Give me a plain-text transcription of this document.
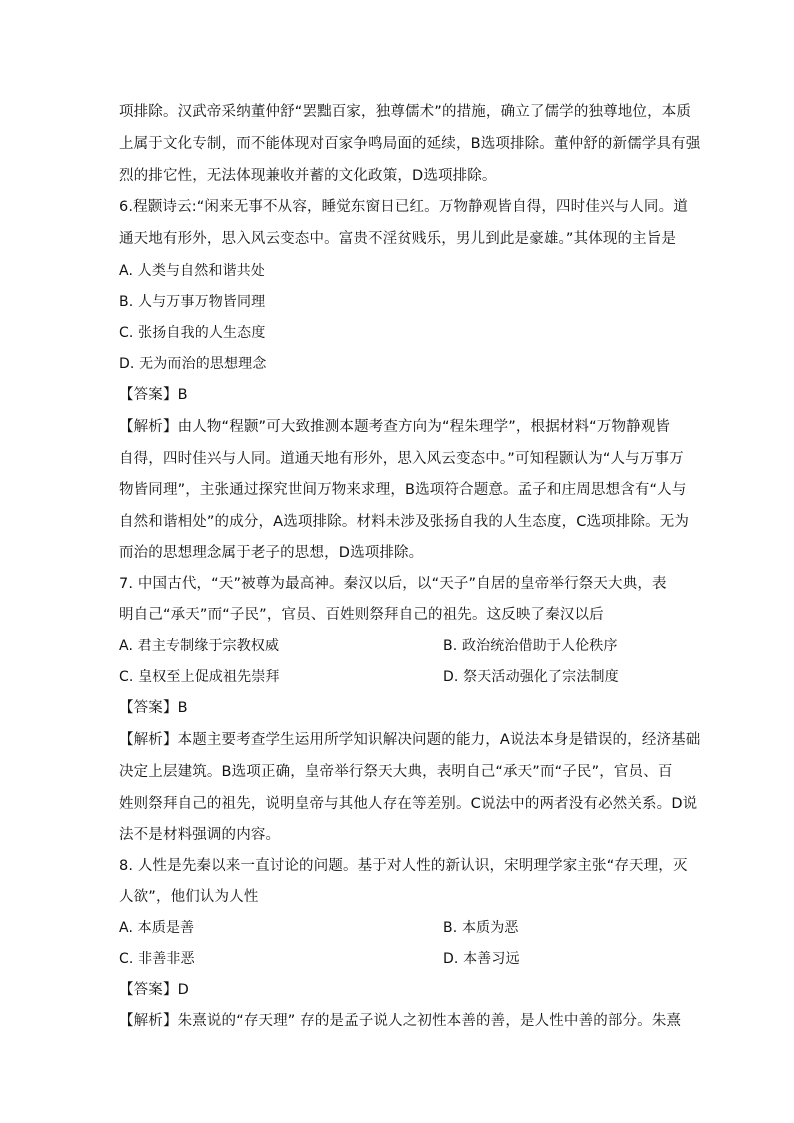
项排除。汉武帝采纳董仲舒“罢黜百家，独尊儒术”的措施，确立了儒学的独尊地位，本质
上属于文化专制，而不能体现对百家争鸣局面的延续，B选项排除。董仲舒的新儒学具有强
烈的排它性，无法体现兼收并蓄的文化政策，D选项排除。
6.程颢诗云:“闲来无事不从容，睡觉东窗日已红。万物静观皆自得，四时佳兴与人同。道
通天地有形外，思入风云变态中。富贵不淫贫贱乐，男儿到此是豪雄。”其体现的主旨是
A. 人类与自然和谐共处
B. 人与万事万物皆同理
C. 张扬自我的人生态度
D. 无为而治的思想理念
【答案】B
【解析】由人物“程颢”可大致推测本题考查方向为“程朱理学”，根据材料“万物静观皆
自得，四时佳兴与人同。道通天地有形外，思入风云变态中。”可知程颢认为“人与万事万
物皆同理”，主张通过探究世间万物来求理，B选项符合题意。孟子和庄周思想含有“人与
自然和谐相处”的成分，A选项排除。材料未涉及张扬自我的人生态度，C选项排除。无为
而治的思想理念属于老子的思想，D选项排除。
7. 中国古代，“天”被尊为最高神。秦汉以后，以“天子”自居的皇帝举行祭天大典，表
明自己“承天”而“子民”，官员、百姓则祭拜自己的祖先。这反映了秦汉以后
A. 君主专制缘于宗教权威	B. 政治统治借助于人伦秩序
C. 皇权至上促成祖先崇拜	D. 祭天活动强化了宗法制度
【答案】B
【解析】本题主要考查学生运用所学知识解决问题的能力，A说法本身是错误的，经济基础
决定上层建筑。B选项正确，皇帝举行祭天大典，表明自己“承天”而“子民”，官员、百
姓则祭拜自己的祖先，说明皇帝与其他人存在等差别。C说法中的两者没有必然关系。D说
法不是材料强调的内容。
8. 人性是先秦以来一直讨论的问题。基于对人性的新认识，宋明理学家主张“存天理，灭
人欲”，他们认为人性
A. 本质是善	B. 本质为恶
C. 非善非恶	D. 本善习远
【答案】D
【解析】朱熹说的“存天理” 存的是孟子说人之初性本善的善，是人性中善的部分。朱熹
